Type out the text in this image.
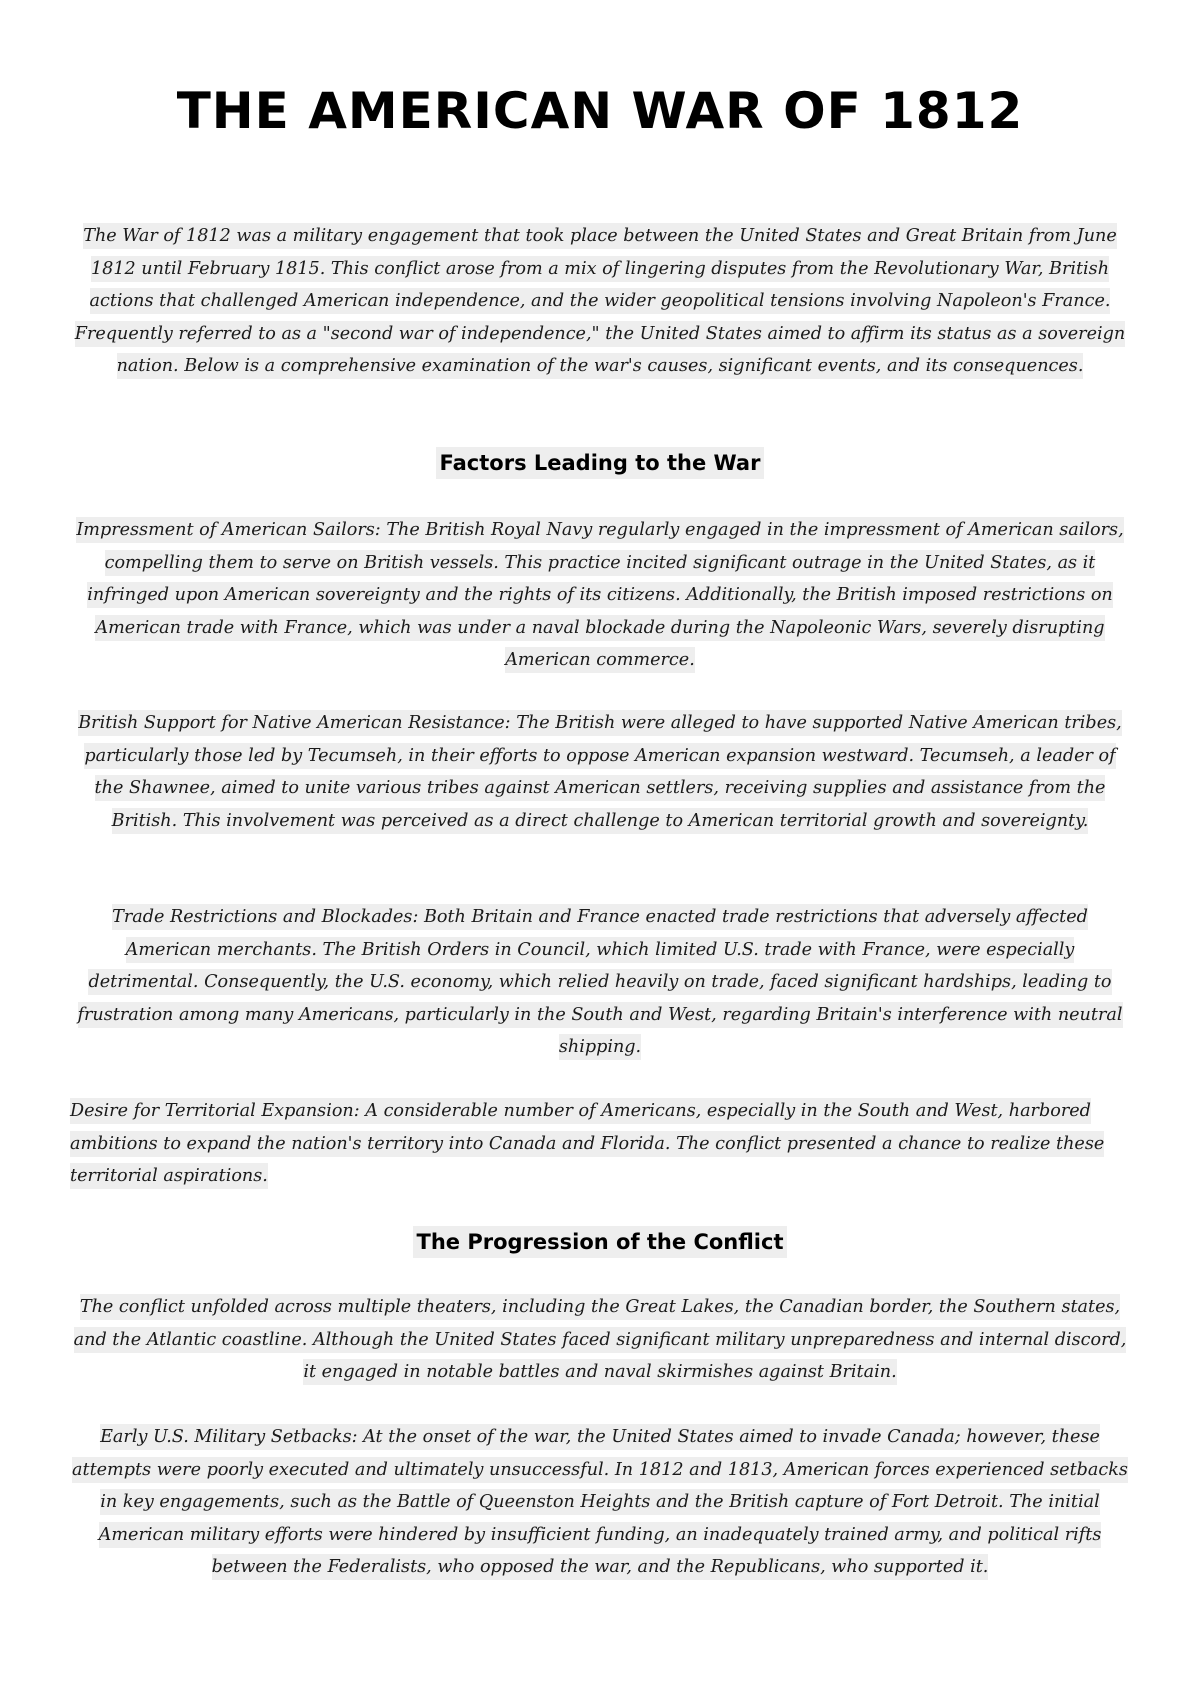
THE AMERICAN WAR OF 1812

The War of 1812 was a military engagement that took place between the United States and Great Britain from June 1812 until February 1815. This conflict arose from a mix of lingering disputes from the Revolutionary War, British actions that challenged American independence, and the wider geopolitical tensions involving Napoleon's France. Frequently referred to as a "second war of independence," the United States aimed to affirm its status as a sovereign nation. Below is a comprehensive examination of the war's causes, significant events, and its consequences.

Factors Leading to the War

Impressment of American Sailors: The British Royal Navy regularly engaged in the impressment of American sailors, compelling them to serve on British vessels. This practice incited significant outrage in the United States, as it infringed upon American sovereignty and the rights of its citizens. Additionally, the British imposed restrictions on American trade with France, which was under a naval blockade during the Napoleonic Wars, severely disrupting American commerce.

British Support for Native American Resistance: The British were alleged to have supported Native American tribes, particularly those led by Tecumseh, in their efforts to oppose American expansion westward. Tecumseh, a leader of the Shawnee, aimed to unite various tribes against American settlers, receiving supplies and assistance from the British. This involvement was perceived as a direct challenge to American territorial growth and sovereignty.

Trade Restrictions and Blockades: Both Britain and France enacted trade restrictions that adversely affected American merchants. The British Orders in Council, which limited U.S. trade with France, were especially detrimental. Consequently, the U.S. economy, which relied heavily on trade, faced significant hardships, leading to frustration among many Americans, particularly in the South and West, regarding Britain's interference with neutral shipping.

Desire for Territorial Expansion: A considerable number of Americans, especially in the South and West, harbored ambitions to expand the nation's territory into Canada and Florida. The conflict presented a chance to realize these territorial aspirations.

The Progression of the Conflict

The conflict unfolded across multiple theaters, including the Great Lakes, the Canadian border, the Southern states, and the Atlantic coastline. Although the United States faced significant military unpreparedness and internal discord, it engaged in notable battles and naval skirmishes against Britain.

Early U.S. Military Setbacks: At the onset of the war, the United States aimed to invade Canada; however, these attempts were poorly executed and ultimately unsuccessful. In 1812 and 1813, American forces experienced setbacks in key engagements, such as the Battle of Queenston Heights and the British capture of Fort Detroit. The initial American military efforts were hindered by insufficient funding, an inadequately trained army, and political rifts between the Federalists, who opposed the war, and the Republicans, who supported it.
